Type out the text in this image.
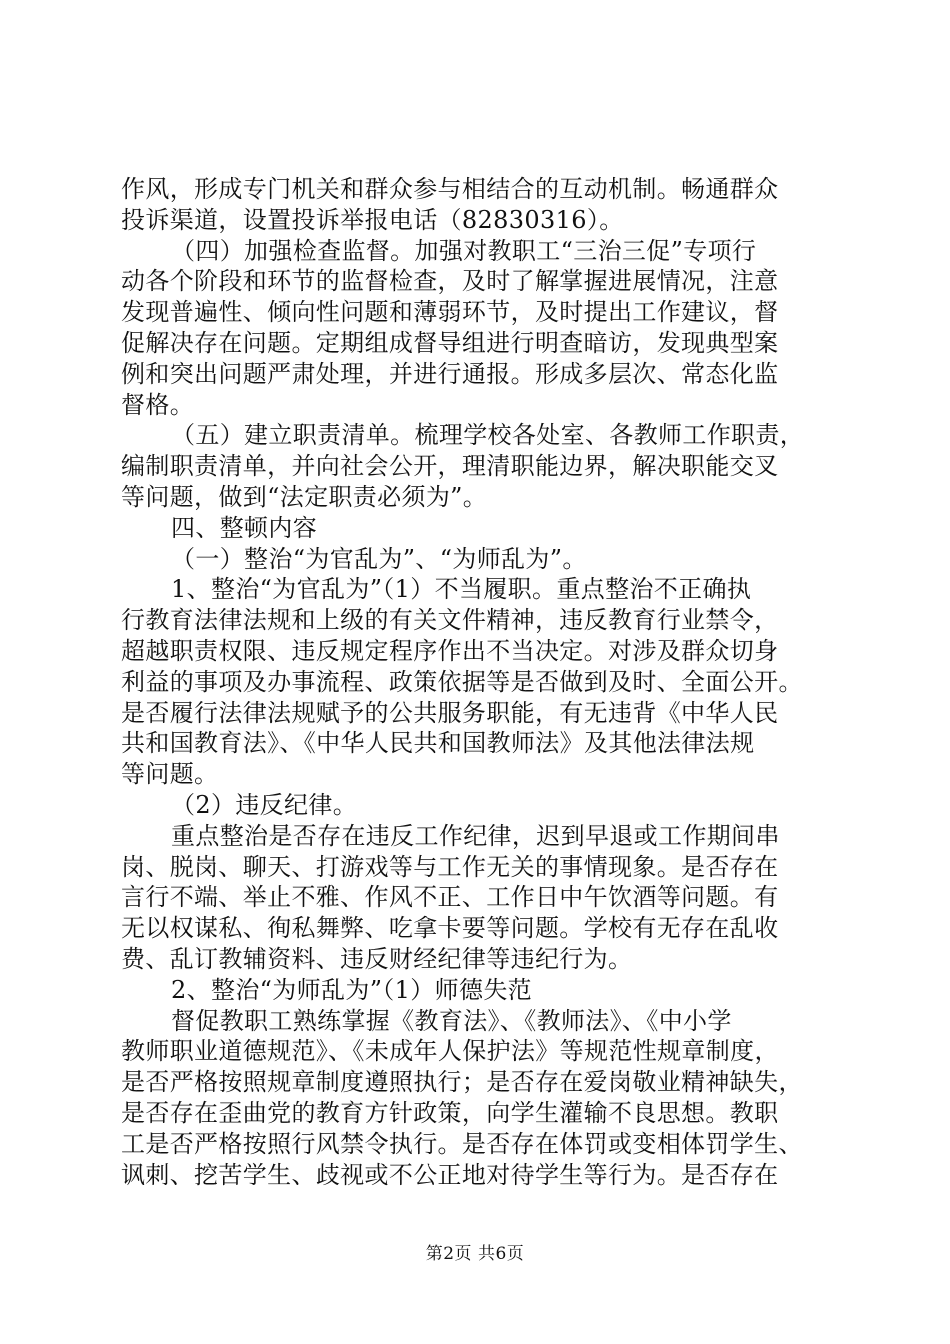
作风，形成专门机关和群众参与相结合的互动机制。畅通群众
投诉渠道，设置投诉举报电话（82830316）。
（四）加强检查监督。加强对教职工“三治三促”专项行
动各个阶段和环节的监督检查，及时了解掌握进展情况，注意
发现普遍性、倾向性问题和薄弱环节，及时提出工作建议，督
促解决存在问题。定期组成督导组进行明查暗访，发现典型案
例和突出问题严肃处理，并进行通报。形成多层次、常态化监
督格。
（五）建立职责清单。梳理学校各处室、各教师工作职责，
编制职责清单，并向社会公开，理清职能边界，解决职能交叉
等问题，做到“法定职责必须为”。
四、整顿内容
（一）整治“为官乱为”、“为师乱为”。
1、整治“为官乱为”（1）不当履职。重点整治不正确执
行教育法律法规和上级的有关文件精神，违反教育行业禁令，
超越职责权限、违反规定程序作出不当决定。对涉及群众切身
利益的事项及办事流程、政策依据等是否做到及时、全面公开。
是否履行法律法规赋予的公共服务职能，有无违背《中华人民
共和国教育法》、《中华人民共和国教师法》及其他法律法规
等问题。
（2）违反纪律。
重点整治是否存在违反工作纪律，迟到早退或工作期间串
岗、脱岗、聊天、打游戏等与工作无关的事情现象。是否存在
言行不端、举止不雅、作风不正、工作日中午饮酒等问题。有
无以权谋私、徇私舞弊、吃拿卡要等问题。学校有无存在乱收
费、乱订教辅资料、违反财经纪律等违纪行为。
2、整治“为师乱为”（1）师德失范
督促教职工熟练掌握《教育法》、《教师法》、《中小学
教师职业道德规范》、《未成年人保护法》等规范性规章制度，
是否严格按照规章制度遵照执行；是否存在爱岗敬业精神缺失，
是否存在歪曲党的教育方针政策，向学生灌输不良思想。教职
工是否严格按照行风禁令执行。是否存在体罚或变相体罚学生、
讽刺、挖苦学生、歧视或不公正地对待学生等行为。是否存在
第2页 共6页
